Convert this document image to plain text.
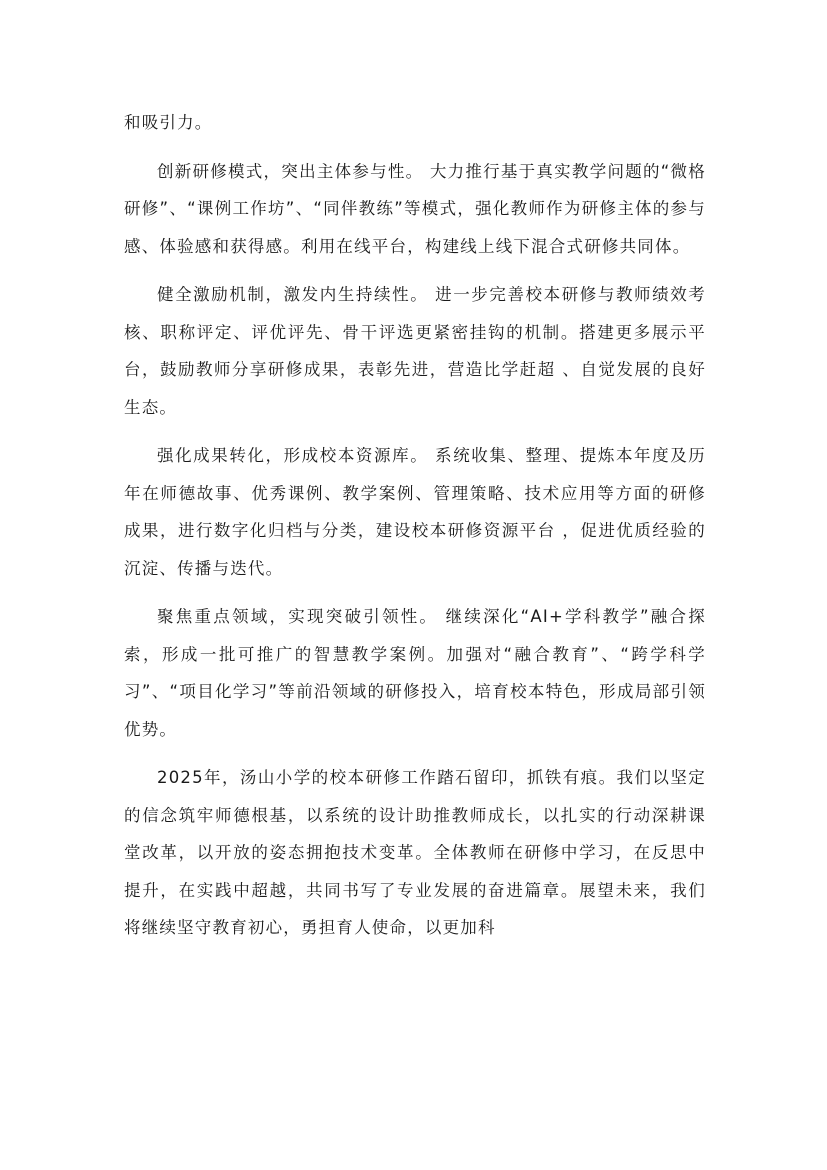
和吸引力。

创新研修模式，突出主体参与性。 大力推行基于真实教学问题的“微格研修”、“课例工作坊”、“同伴教练”等模式，强化教师作为研修主体的参与感、体验感和获得感。利用在线平台，构建线上线下混合式研修共同体。

健全激励机制，激发内生持续性。 进一步完善校本研修与教师绩效考核、职称评定、评优评先、骨干评选更紧密挂钩的机制。搭建更多展示平台，鼓励教师分享研修成果，表彰先进，营造比学赶超 、自觉发展的良好生态。

强化成果转化，形成校本资源库。 系统收集、整理、提炼本年度及历年在师德故事、优秀课例、教学案例、管理策略、技术应用等方面的研修成果，进行数字化归档与分类，建设校本研修资源平台 ，促进优质经验的沉淀、传播与迭代。

聚焦重点领域，实现突破引领性。 继续深化“AI+学科教学”融合探索，形成一批可推广的智慧教学案例。加强对“融合教育”、“跨学科学习”、“项目化学习”等前沿领域的研修投入，培育校本特色，形成局部引领优势。

2025年，汤山小学的校本研修工作踏石留印，抓铁有痕。我们以坚定的信念筑牢师德根基，以系统的设计助推教师成长，以扎实的行动深耕课堂改革，以开放的姿态拥抱技术变革。全体教师在研修中学习，在反思中提升，在实践中超越，共同书写了专业发展的奋进篇章。展望未来，我们将继续坚守教育初心，勇担育人使命，以更加科
